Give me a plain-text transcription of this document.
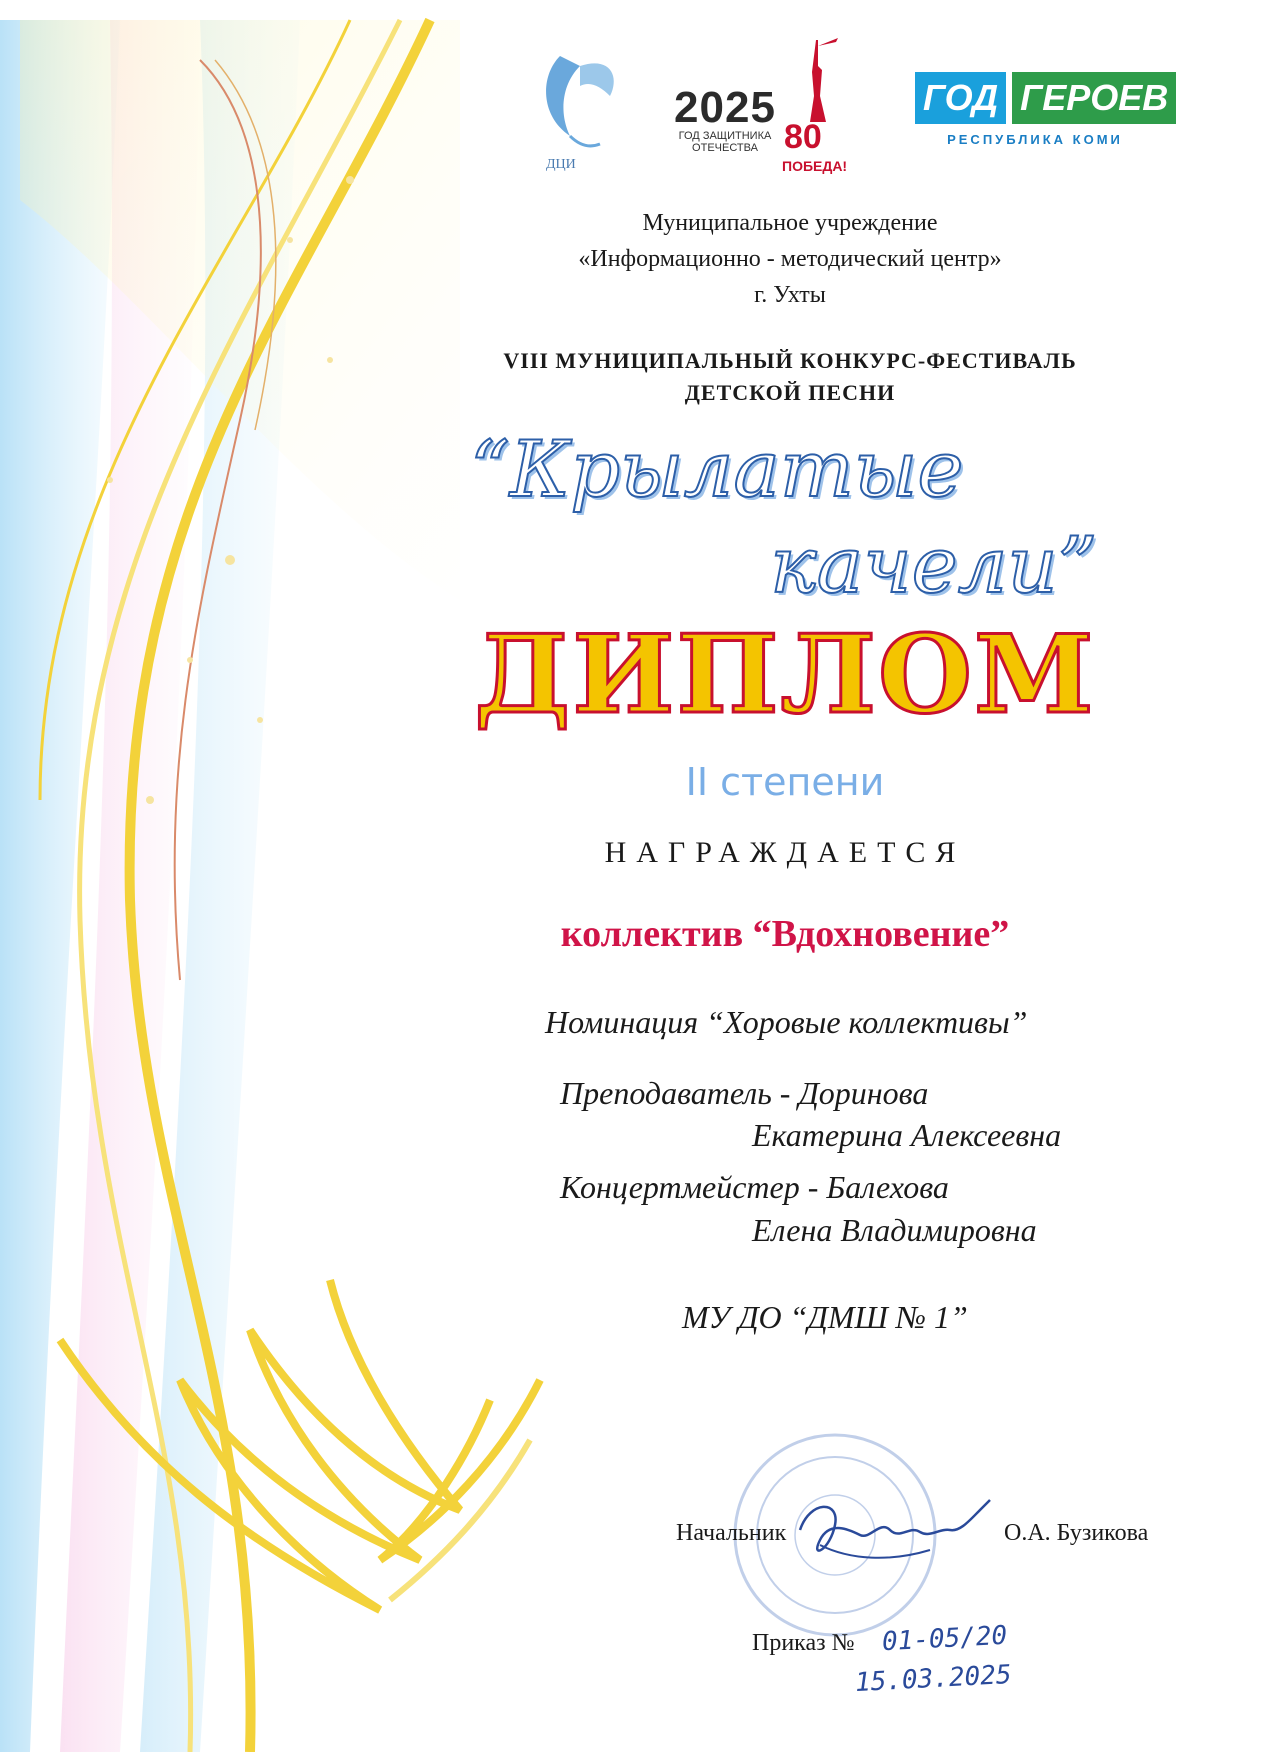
ДЦИ
2025
ГОД ЗАЩИТНИКА
ОТЕЧЕСТВА 80
ПОБЕДА!
ГОД ГЕРОЕВ
РЕСПУБЛИКА КОМИ
Муниципальное учреждение
«Информационно - методический центр»
г. Ухты
VIII МУНИЦИПАЛЬНЫЙ КОНКУРС-ФЕСТИВАЛЬ
ДЕТСКОЙ ПЕСНИ
“Крылатые
качели”
ДИПЛОМ
II степени
НАГРАЖДАЕТСЯ
коллектив “Вдохновение”
Номинация “Хоровые коллективы”
Преподаватель - Доринова
Екатерина Алексеевна
Концертмейстер - Балехова
Елена Владимировна
МУ ДО “ДМШ № 1”
Начальник	О.А. Бузикова
Приказ № 01-05/20
15.03.2025
